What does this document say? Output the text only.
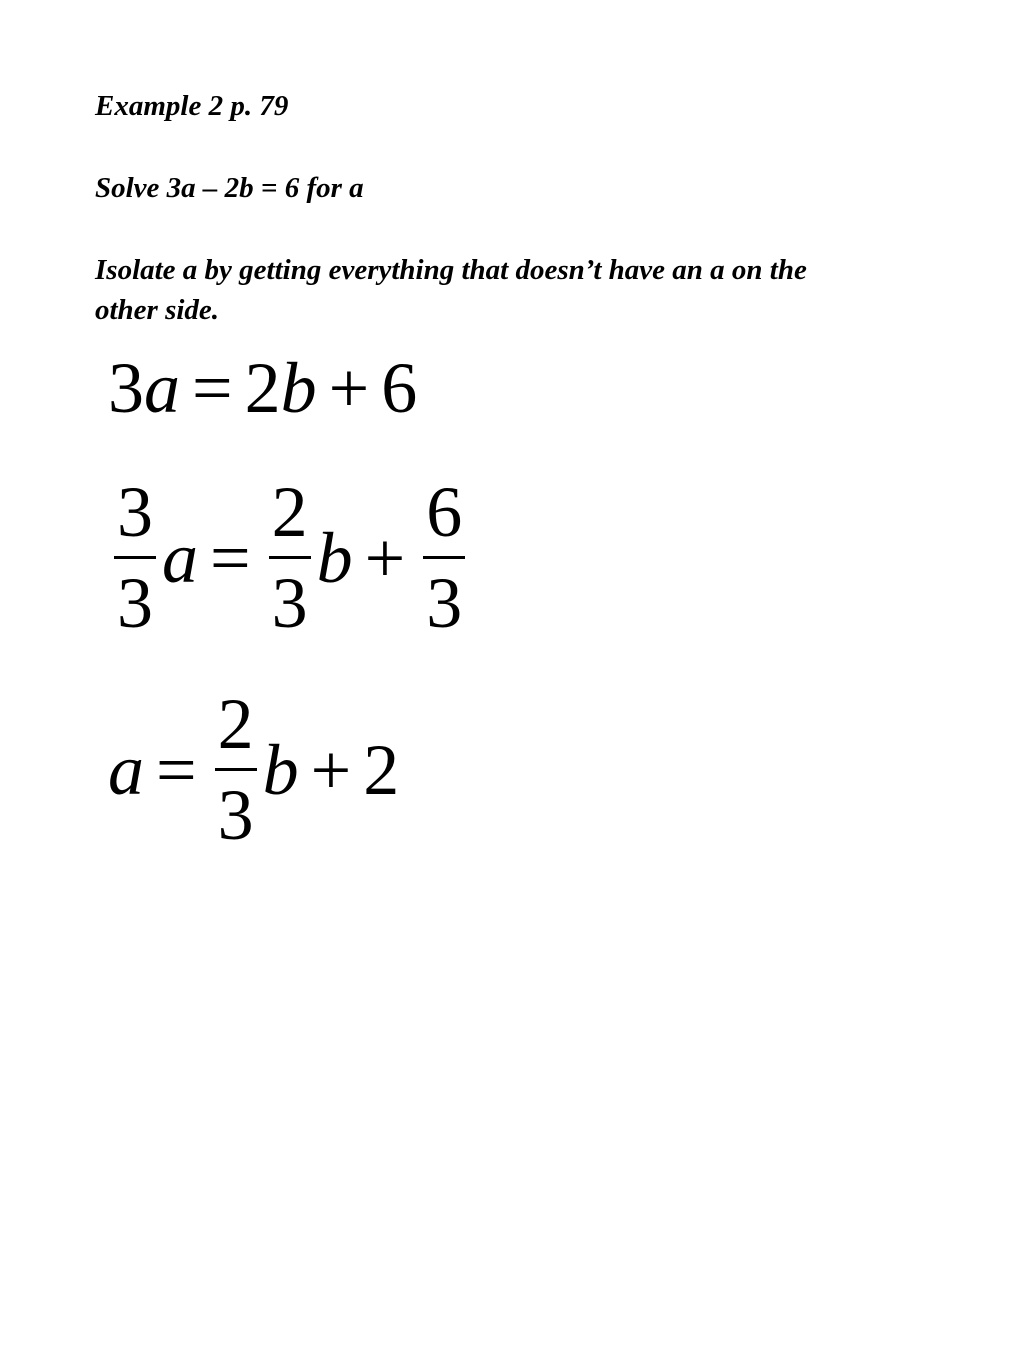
Example 2 p. 79

Solve 3a – 2b = 6 for a

Isolate a by getting everything that doesn’t have an a on the

other side.

3 a = 2 b + 6
$\frac{3}{3}$ $a = \frac{2}{3}$ $b + \frac{6}{3}$
$a = \frac{2}{3}$ b + 2
